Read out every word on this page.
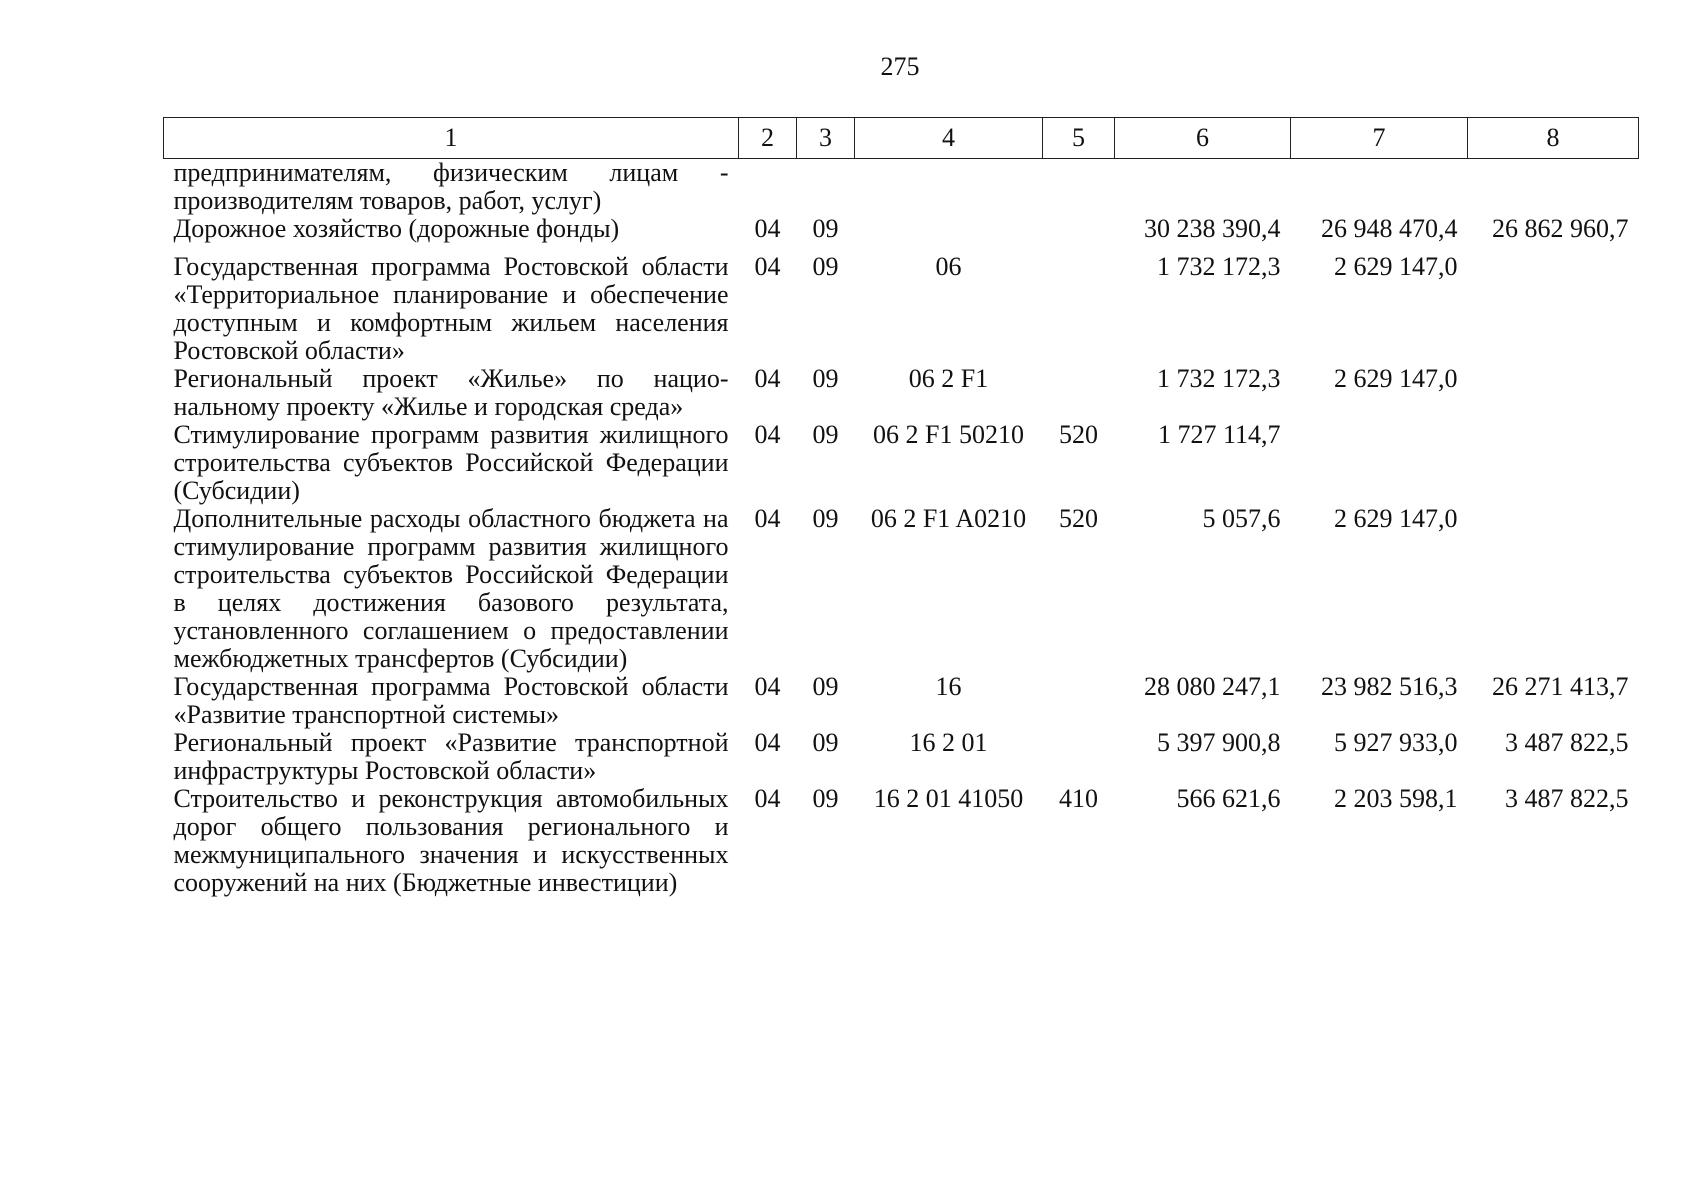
275
1	2	3	4	5	6	7	8
предпринимателям, физическим лицам - производителям товаров, работ, услуг)							
Дорожное хозяйство (дорожные фонды)	04	09			30 238 390,4	26 948 470,4	26 862 960,7
Государственная программа Ростовской области «Территориальное планирование и обеспечение доступным и комфортным жильем населения Ростовской области»	04	09	06		1 732 172,3	2 629 147,0	
Региональный проект «Жилье» по национальному проекту «Жилье и городская среда»	04	09	06 2 F1		1 732 172,3	2 629 147,0	
Стимулирование программ развития жилищного строительства субъектов Российской Федерации (Субсидии)	04	09	06 2 F1 50210	520	1 727 114,7		
Дополнительные расходы областного бюджета на стимулирование программ развития жилищного строительства субъектов Российской Федерации в целях достижения базового результата, установленного соглашением о предоставлении межбюджетных трансфертов (Субсидии)	04	09	06 2 F1 A0210	520	5 057,6	2 629 147,0	
Государственная программа Ростовской области «Развитие транспортной системы»	04	09	16		28 080 247,1	23 982 516,3	26 271 413,7
Региональный проект «Развитие транспортной инфраструктуры Ростовской области»	04	09	16 2 01		5 397 900,8	5 927 933,0	3 487 822,5
Строительство и реконструкция автомобильных дорог общего пользования регионального и межмуниципального значения и искусственных сооружений на них (Бюджетные инвестиции)	04	09	16 2 01 41050	410	566 621,6	2 203 598,1	3 487 822,5
